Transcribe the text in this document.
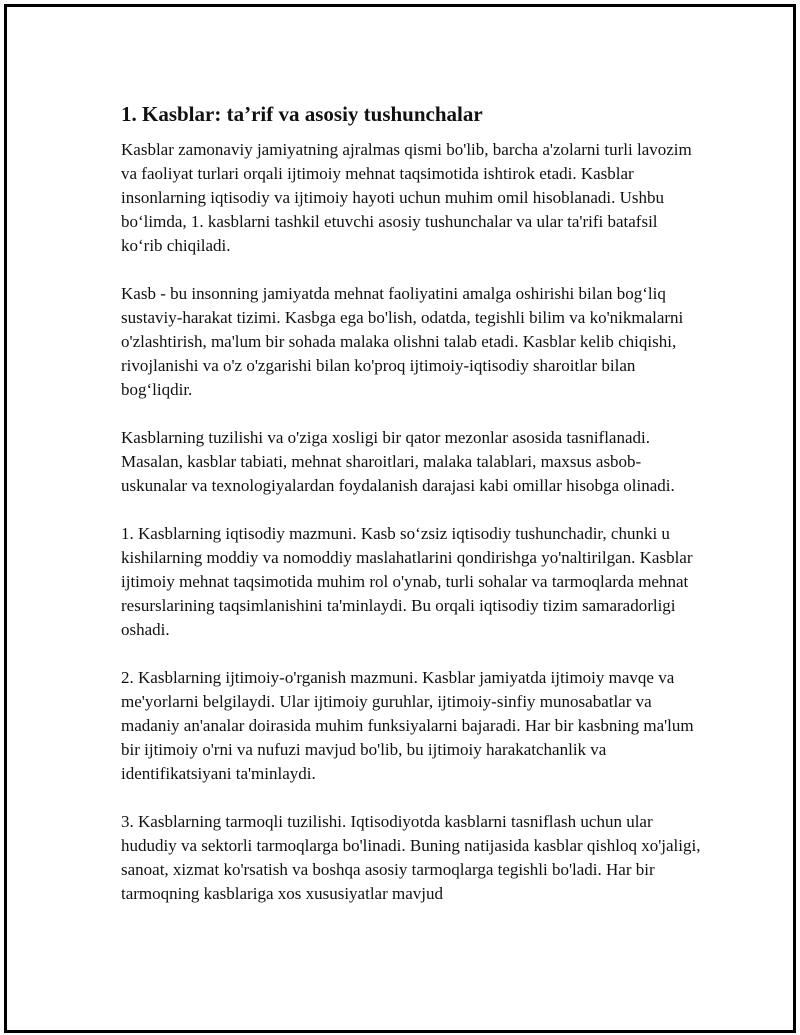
1. Kasblar: ta’rif va asosiy tushunchalar

Kasblar zamonaviy jamiyatning ajralmas qismi bo'lib, barcha a'zolarni turli lavozim va faoliyat turlari orqali ijtimoiy mehnat taqsimotida ishtirok etadi. Kasblar insonlarning iqtisodiy va ijtimoiy hayoti uchun muhim omil hisoblanadi. Ushbu bo‘limda, 1. kasblarni tashkil etuvchi asosiy tushunchalar va ular ta'rifi batafsil ko‘rib chiqiladi.

Kasb - bu insonning jamiyatda mehnat faoliyatini amalga oshirishi bilan bog‘liq sustaviy-harakat tizimi. Kasbga ega bo'lish, odatda, tegishli bilim va ko'nikmalarni o'zlashtirish, ma'lum bir sohada malaka olishni talab etadi. Kasblar kelib chiqishi, rivojlanishi va o'z o'zgarishi bilan ko'proq ijtimoiy-iqtisodiy sharoitlar bilan bog‘liqdir.

Kasblarning tuzilishi va o'ziga xosligi bir qator mezonlar asosida tasniflanadi. Masalan, kasblar tabiati, mehnat sharoitlari, malaka talablari, maxsus asbob-uskunalar va texnologiyalardan foydalanish darajasi kabi omillar hisobga olinadi.

1. Kasblarning iqtisodiy mazmuni. Kasb so‘zsiz iqtisodiy tushunchadir, chunki u kishilarning moddiy va nomoddiy maslahatlarini qondirishga yo'naltirilgan. Kasblar ijtimoiy mehnat taqsimotida muhim rol o'ynab, turli sohalar va tarmoqlarda mehnat resurslarining taqsimlanishini ta'minlaydi. Bu orqali iqtisodiy tizim samaradorligi oshadi.

2. Kasblarning ijtimoiy-o'rganish mazmuni. Kasblar jamiyatda ijtimoiy mavqe va me'yorlarni belgilaydi. Ular ijtimoiy guruhlar, ijtimoiy-sinfiy munosabatlar va madaniy an'analar doirasida muhim funksiyalarni bajaradi. Har bir kasbning ma'lum bir ijtimoiy o'rni va nufuzi mavjud bo'lib, bu ijtimoiy harakatchanlik va identifikatsiyani ta'minlaydi.

3. Kasblarning tarmoqli tuzilishi. Iqtisodiyotda kasblarni tasniflash uchun ular hududiy va sektorli tarmoqlarga bo'linadi. Buning natijasida kasblar qishloq xo'jaligi, sanoat, xizmat ko'rsatish va boshqa asosiy tarmoqlarga tegishli bo'ladi. Har bir tarmoqning kasblariga xos xususiyatlar mavjud
